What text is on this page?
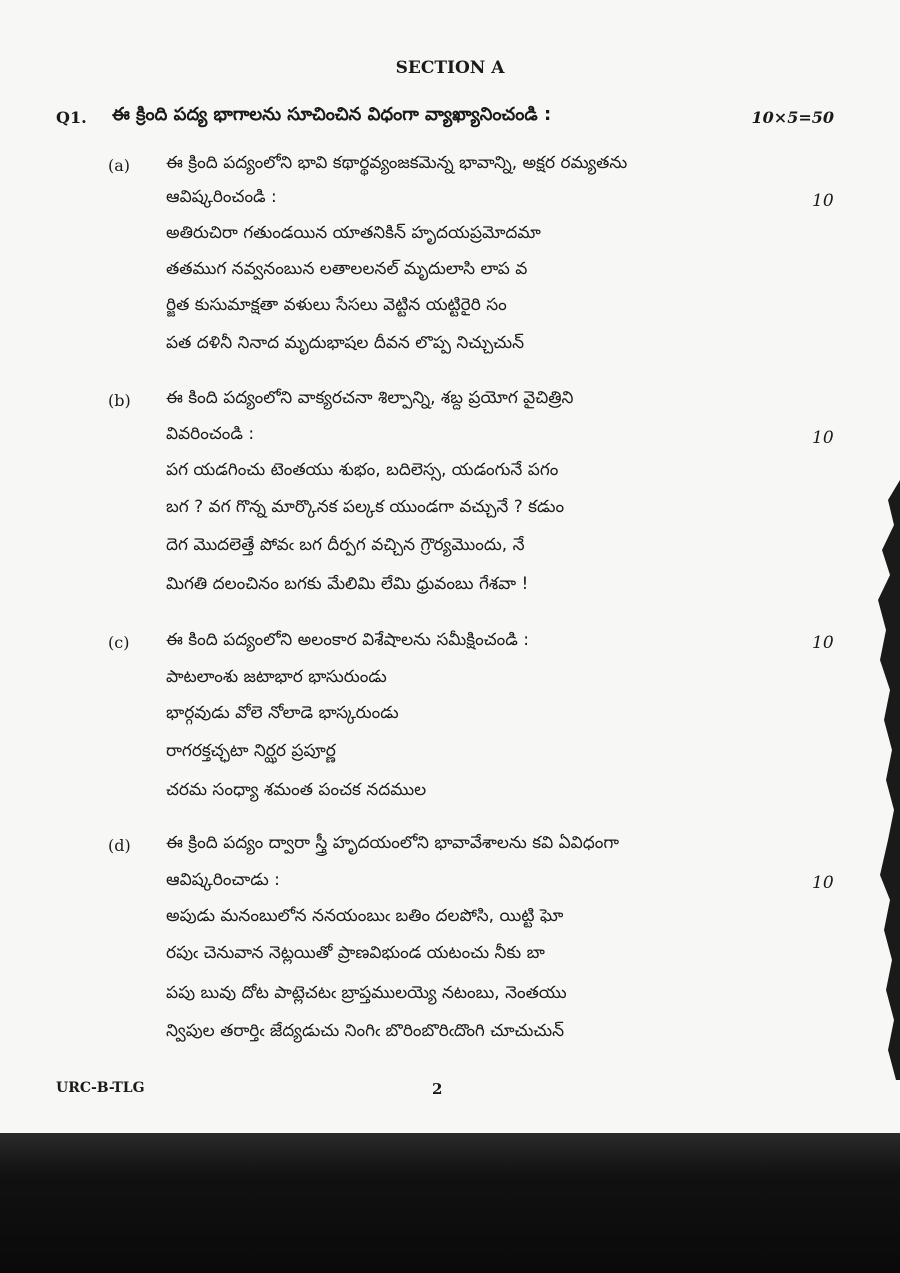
SECTION A
Q1. ఈ క్రింది పద్య భాగాలను సూచించిన విధంగా వ్యాఖ్యానించండి :	10×5=50
(a) ఈ క్రింది పద్యంలోని భావి కథార్థవ్యంజకమెన్న భావాన్ని, అక్షర రమ్యతను
ఆవిష్కరించండి :	10
అతిరుచిరా గతుండయిన యాతనికిన్ హృదయప్రమోదమా
తతముగ నవ్వనంబున లతాలలనల్ మృదులాసి లాప వ
ర్జిత కుసుమాక్షతా వళులు సేసలు వెట్టిన యట్టిరైరి సం
పత దళినీ నినాద మృదుభాషల దీవన లొప్ప నిచ్చుచున్
(b) ఈ కింది పద్యంలోని వాక్యరచనా శిల్పాన్ని, శబ్ద ప్రయోగ వైచిత్రిని
వివరించండి :	10
పగ యడగించు టెంతయు శుభం, బదిలెస్స, యడంగునే పగం
బగ ? వగ గొన్న మార్కొనక పల్కక యుండగా వచ్చునే ? కడుం
దెగ మొదలెత్తే పోవఁ బగ దీర్పగ వచ్చిన గ్రౌర్యమొందు, నే
మిగతి దలంచినం బగకు మేలిమి లేమి ధ్రువంబు గేశవా !
(c) ఈ కింది పద్యంలోని అలంకార విశేషాలను సమీక్షించండి :	10
పాటలాంశు జటాభార భాసురుండు
భార్గవుడు వోలె నోలాడె భాస్కరుండు
రాగరక్తచ్ఛటా నిర్ఝర ప్రపూర్ణ
చరమ సంధ్యా శమంత పంచక నదముల
(d) ఈ క్రింది పద్యం ద్వారా స్త్రీ హృదయంలోని భావావేశాలను కవి ఏవిధంగా
ఆవిష్కరించాడు :	10
అపుడు మనంబులోన ననయంబుఁ బతిం దలపోసి, యిట్టి ఘో
రపుఁ చెనువాన నెట్లయితో ప్రాణవిభుండ యటంచు నీకు బా
పపు బువు దోట పాట్లెచటఁ బ్రాప్తములయ్యె నటంబు, నెంతయు
న్విపుల తరార్తిఁ జేద్యడుచు నింగిఁ బొరింబొరిఁదొంగి చూచుచున్
URC-B-TLG	2
